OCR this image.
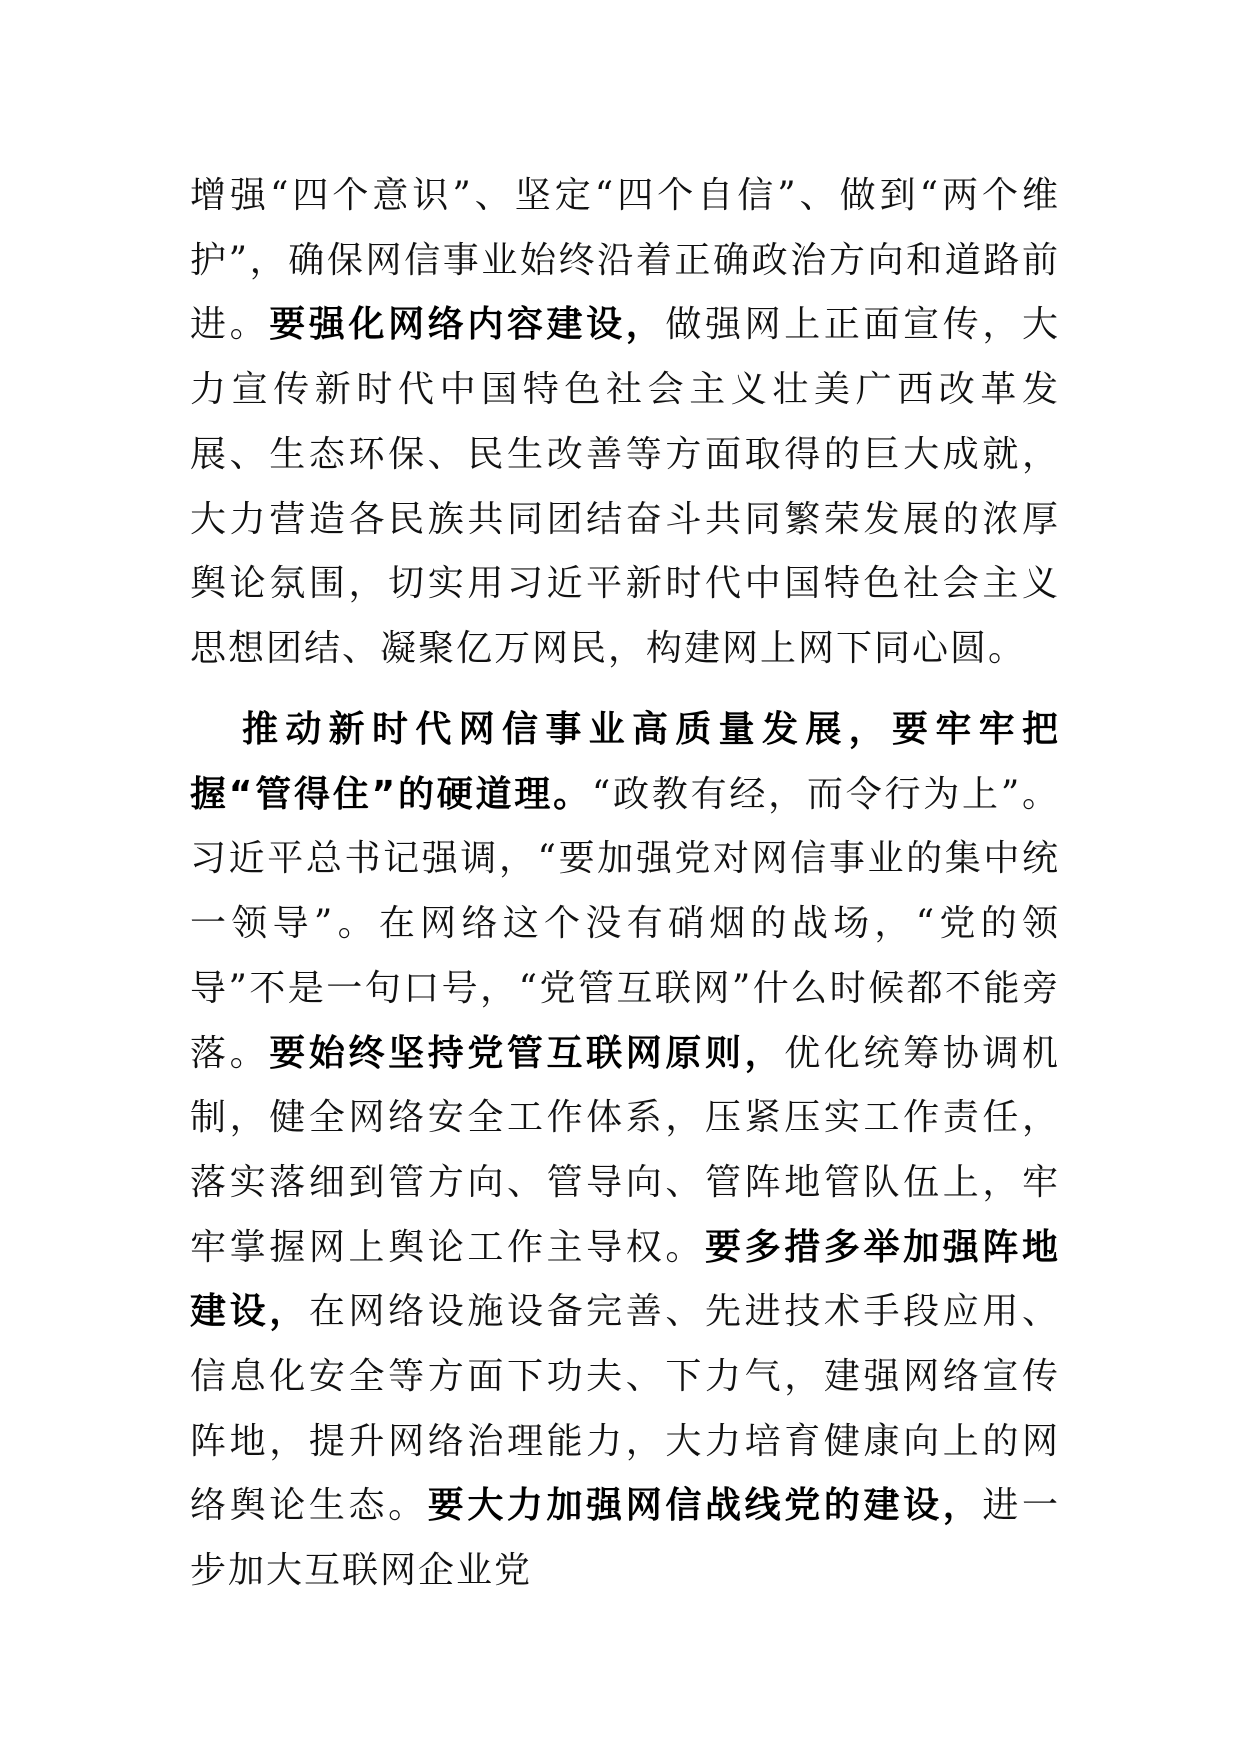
增强“四个意识”、坚定“四个自信”、做到“两个维护”，确保网信事业始终沿着正确政治方向和道路前进。要强化网络内容建设，做强网上正面宣传，大力宣传新时代中国特色社会主义壮美广西改革发展、生态环保、民生改善等方面取得的巨大成就，大力营造各民族共同团结奋斗共同繁荣发展的浓厚舆论氛围，切实用习近平新时代中国特色社会主义思想团结、凝聚亿万网民，构建网上网下同心圆。

推动新时代网信事业高质量发展，要牢牢把握“管得住”的硬道理。“政教有经，而令行为上”。习近平总书记强调，“要加强党对网信事业的集中统一领导”。在网络这个没有硝烟的战场，“党的领导”不是一句口号，“党管互联网”什么时候都不能旁落。要始终坚持党管互联网原则，优化统筹协调机制，健全网络安全工作体系，压紧压实工作责任，落实落细到管方向、管导向、管阵地管队伍上，牢牢掌握网上舆论工作主导权。要多措多举加强阵地建设，在网络设施设备完善、先进技术手段应用、信息化安全等方面下功夫、下力气，建强网络宣传阵地，提升网络治理能力，大力培育健康向上的网络舆论生态。要大力加强网信战线党的建设，进一步加大互联网企业党
